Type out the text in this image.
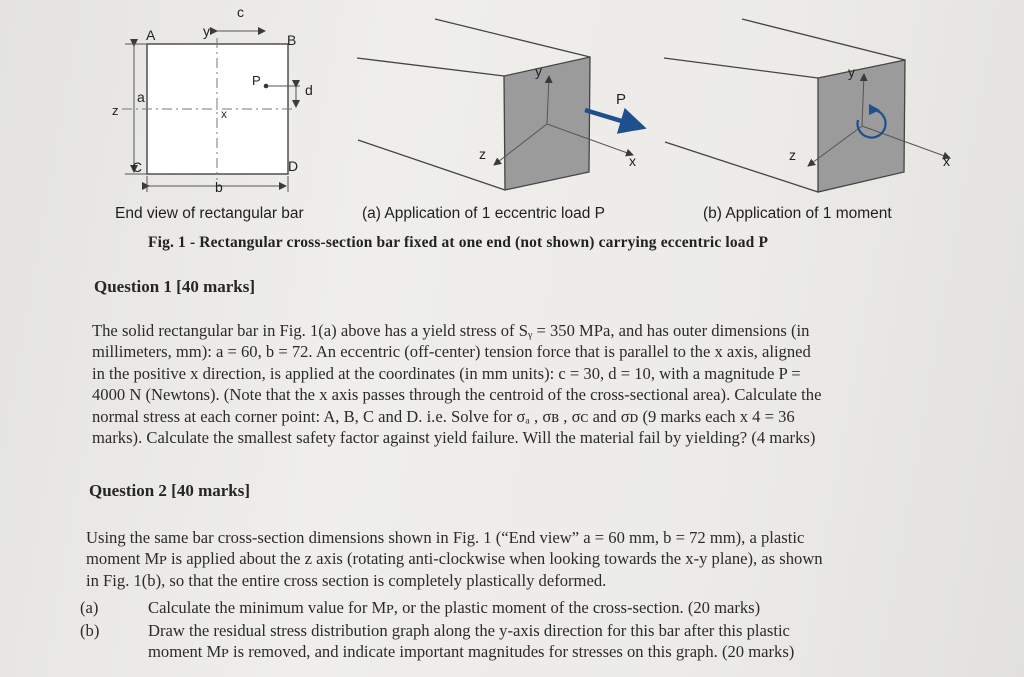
A	B
C	D
c
y
x
z
a
b
d
P
y
z	x
P
y
z	x
End view of rectangular bar	(a) Application of 1 eccentric load P	(b) Application of 1 moment
Fig. 1 - Rectangular cross-section bar fixed at one end (not shown) carrying eccentric load P
Question 1 [40 marks]
The solid rectangular bar in Fig. 1(a) above has a yield stress of Sᵧ = 350 MPa, and has outer dimensions (in
millimeters, mm): a = 60, b = 72. An eccentric (off-center) tension force that is parallel to the x axis, aligned
in the positive x direction, is applied at the coordinates (in mm units): c = 30, d = 10, with a magnitude P =
4000 N (Newtons). (Note that the x axis passes through the centroid of the cross-sectional area). Calculate the
normal stress at each corner point: A, B, C and D. i.e. Solve for σₐ , σʙ , σᴄ and σᴅ (9 marks each x 4 = 36
marks). Calculate the smallest safety factor against yield failure. Will the material fail by yielding? (4 marks)
Question 2 [40 marks]
Using the same bar cross-section dimensions shown in Fig. 1 (“End view” a = 60 mm, b = 72 mm), a plastic
moment Mᴘ is applied about the z axis (rotating anti-clockwise when looking towards the x-y plane), as shown
in Fig. 1(b), so that the entire cross section is completely plastically deformed.
(a)	Calculate the minimum value for Mᴘ, or the plastic moment of the cross-section. (20 marks)
(b)	Draw the residual stress distribution graph along the y-axis direction for this bar after this plastic
moment Mᴘ is removed, and indicate important magnitudes for stresses on this graph. (20 marks)
